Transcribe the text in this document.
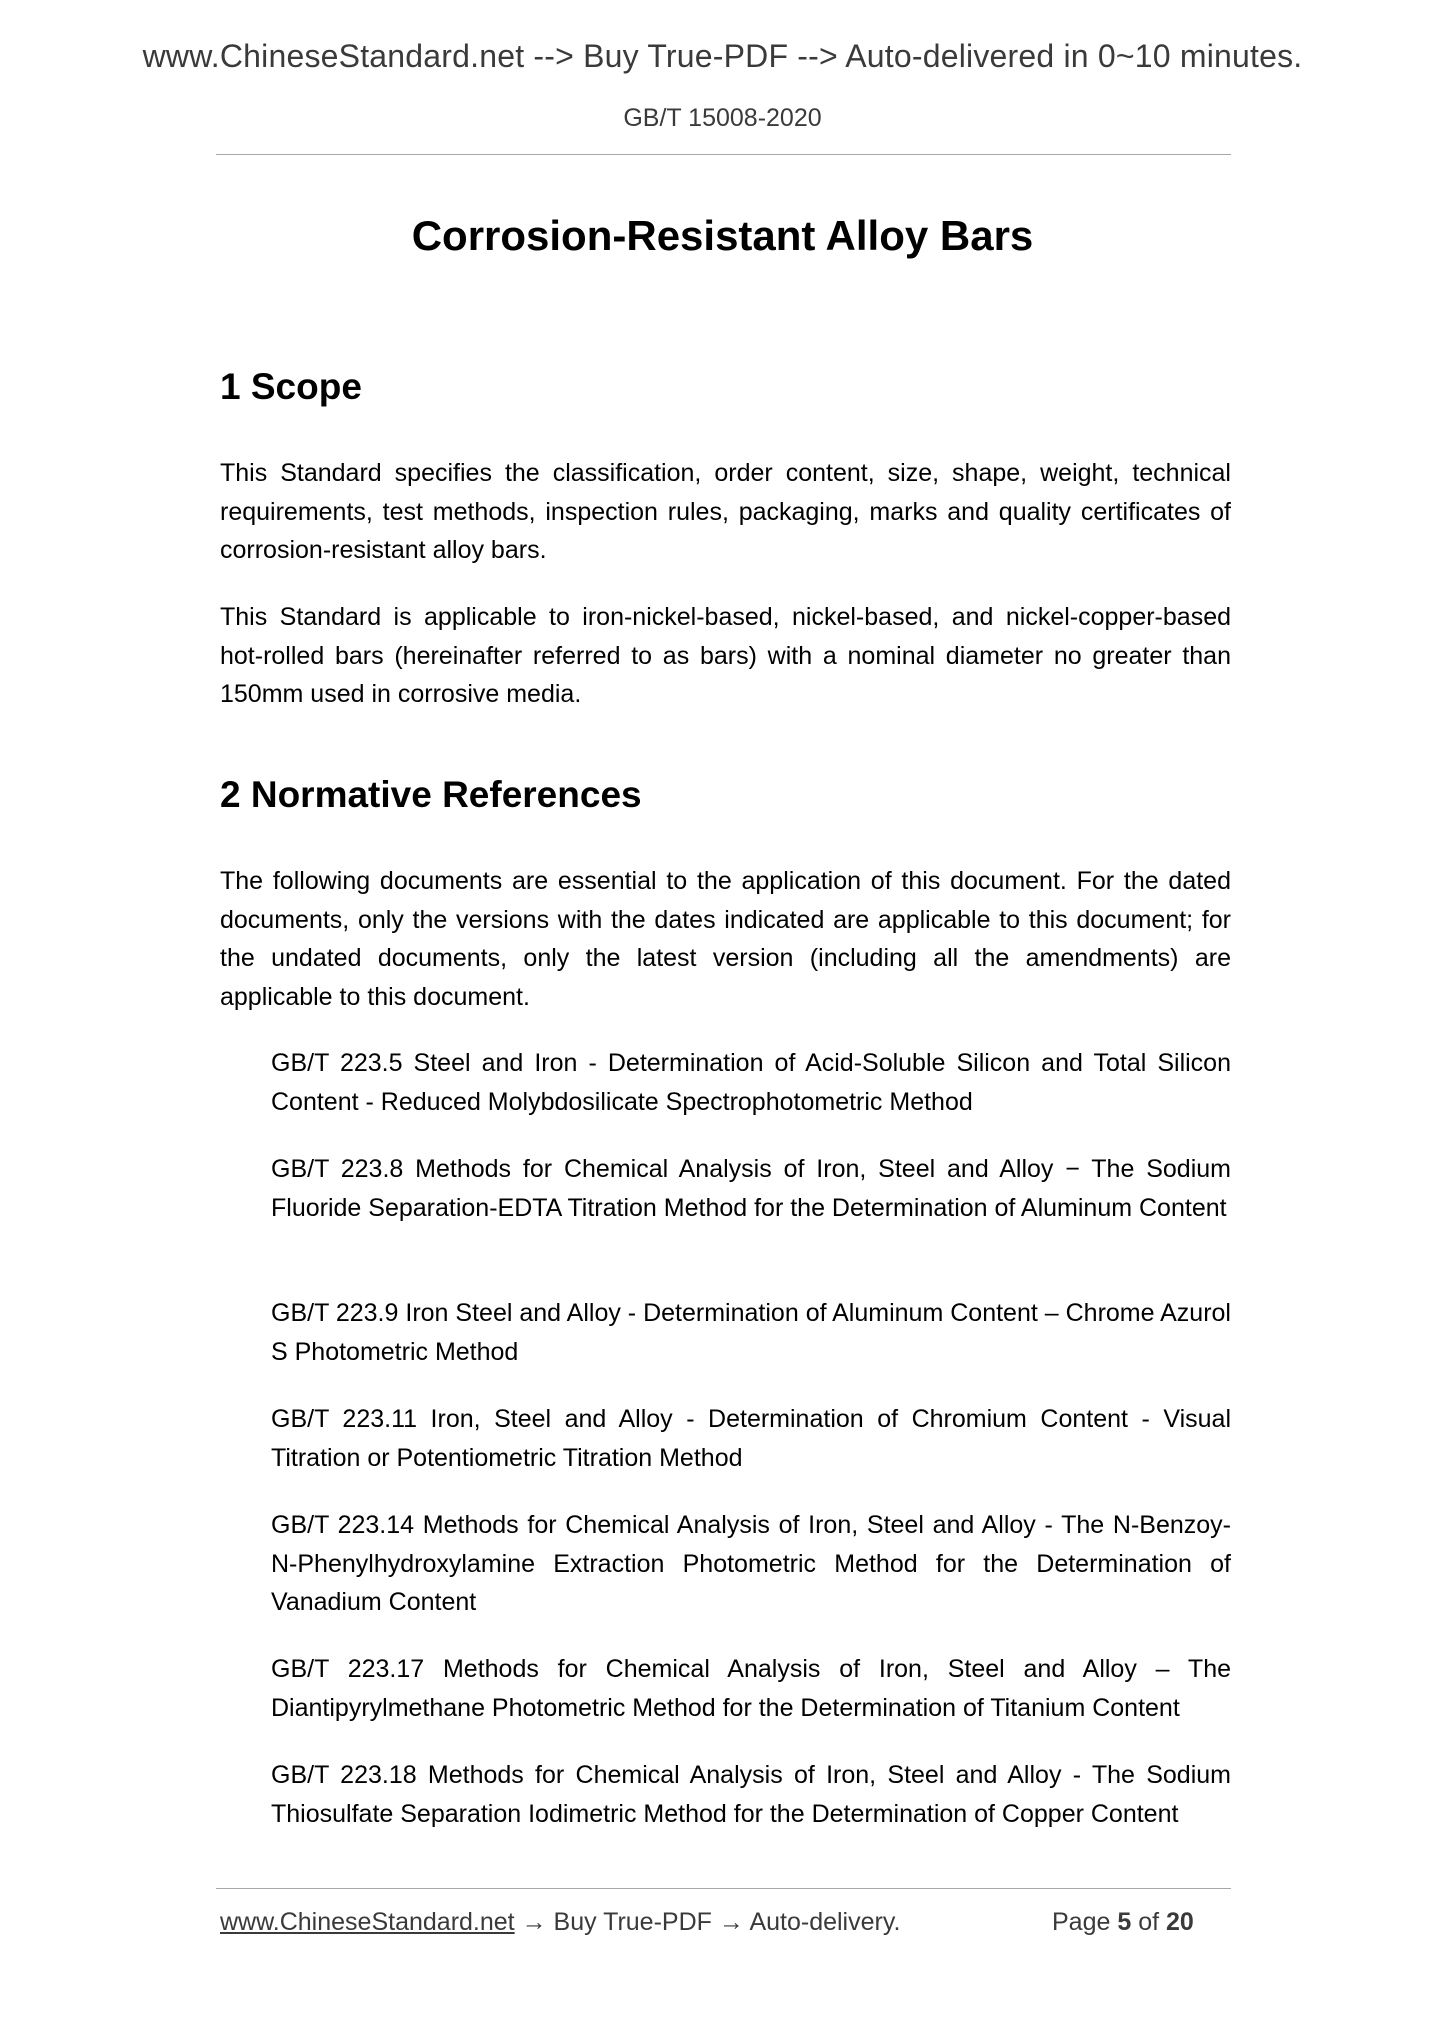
www.ChineseStandard.net --> Buy True-PDF --> Auto-delivered in 0~10 minutes.
GB/T 15008-2020
Corrosion-Resistant Alloy Bars
1 Scope

This Standard specifies the classification, order content, size, shape, weight, technical requirements, test methods, inspection rules, packaging, marks and quality certificates of corrosion-resistant alloy bars.

This Standard is applicable to iron-nickel-based, nickel-based, and nickel-copper-based hot-rolled bars (hereinafter referred to as bars) with a nominal diameter no greater than 150mm used in corrosive media.

2 Normative References

The following documents are essential to the application of this document. For the dated documents, only the versions with the dates indicated are applicable to this document; for the undated documents, only the latest version (including all the amendments) are applicable to this document.

GB/T 223.5 Steel and Iron - Determination of Acid-Soluble Silicon and Total Silicon Content - Reduced Molybdosilicate Spectrophotometric Method

GB/T 223.8 Methods for Chemical Analysis of Iron, Steel and Alloy − The Sodium Fluoride Separation-EDTA Titration Method for the Determination of Aluminum Content

GB/T 223.9 Iron Steel and Alloy - Determination of Aluminum Content – Chrome Azurol S Photometric Method

GB/T 223.11 Iron, Steel and Alloy - Determination of Chromium Content - Visual Titration or Potentiometric Titration Method

GB/T 223.14 Methods for Chemical Analysis of Iron, Steel and Alloy - The N-Benzoy-N-Phenylhydroxylamine Extraction Photometric Method for the Determination of Vanadium Content

GB/T 223.17 Methods for Chemical Analysis of Iron, Steel and Alloy – The Diantipyrylmethane Photometric Method for the Determination of Titanium Content

GB/T 223.18 Methods for Chemical Analysis of Iron, Steel and Alloy - The Sodium Thiosulfate Separation Iodimetric Method for the Determination of Copper Content

www.ChineseStandard.net → Buy True-PDF → Auto-delivery.	Page 5 of 20
